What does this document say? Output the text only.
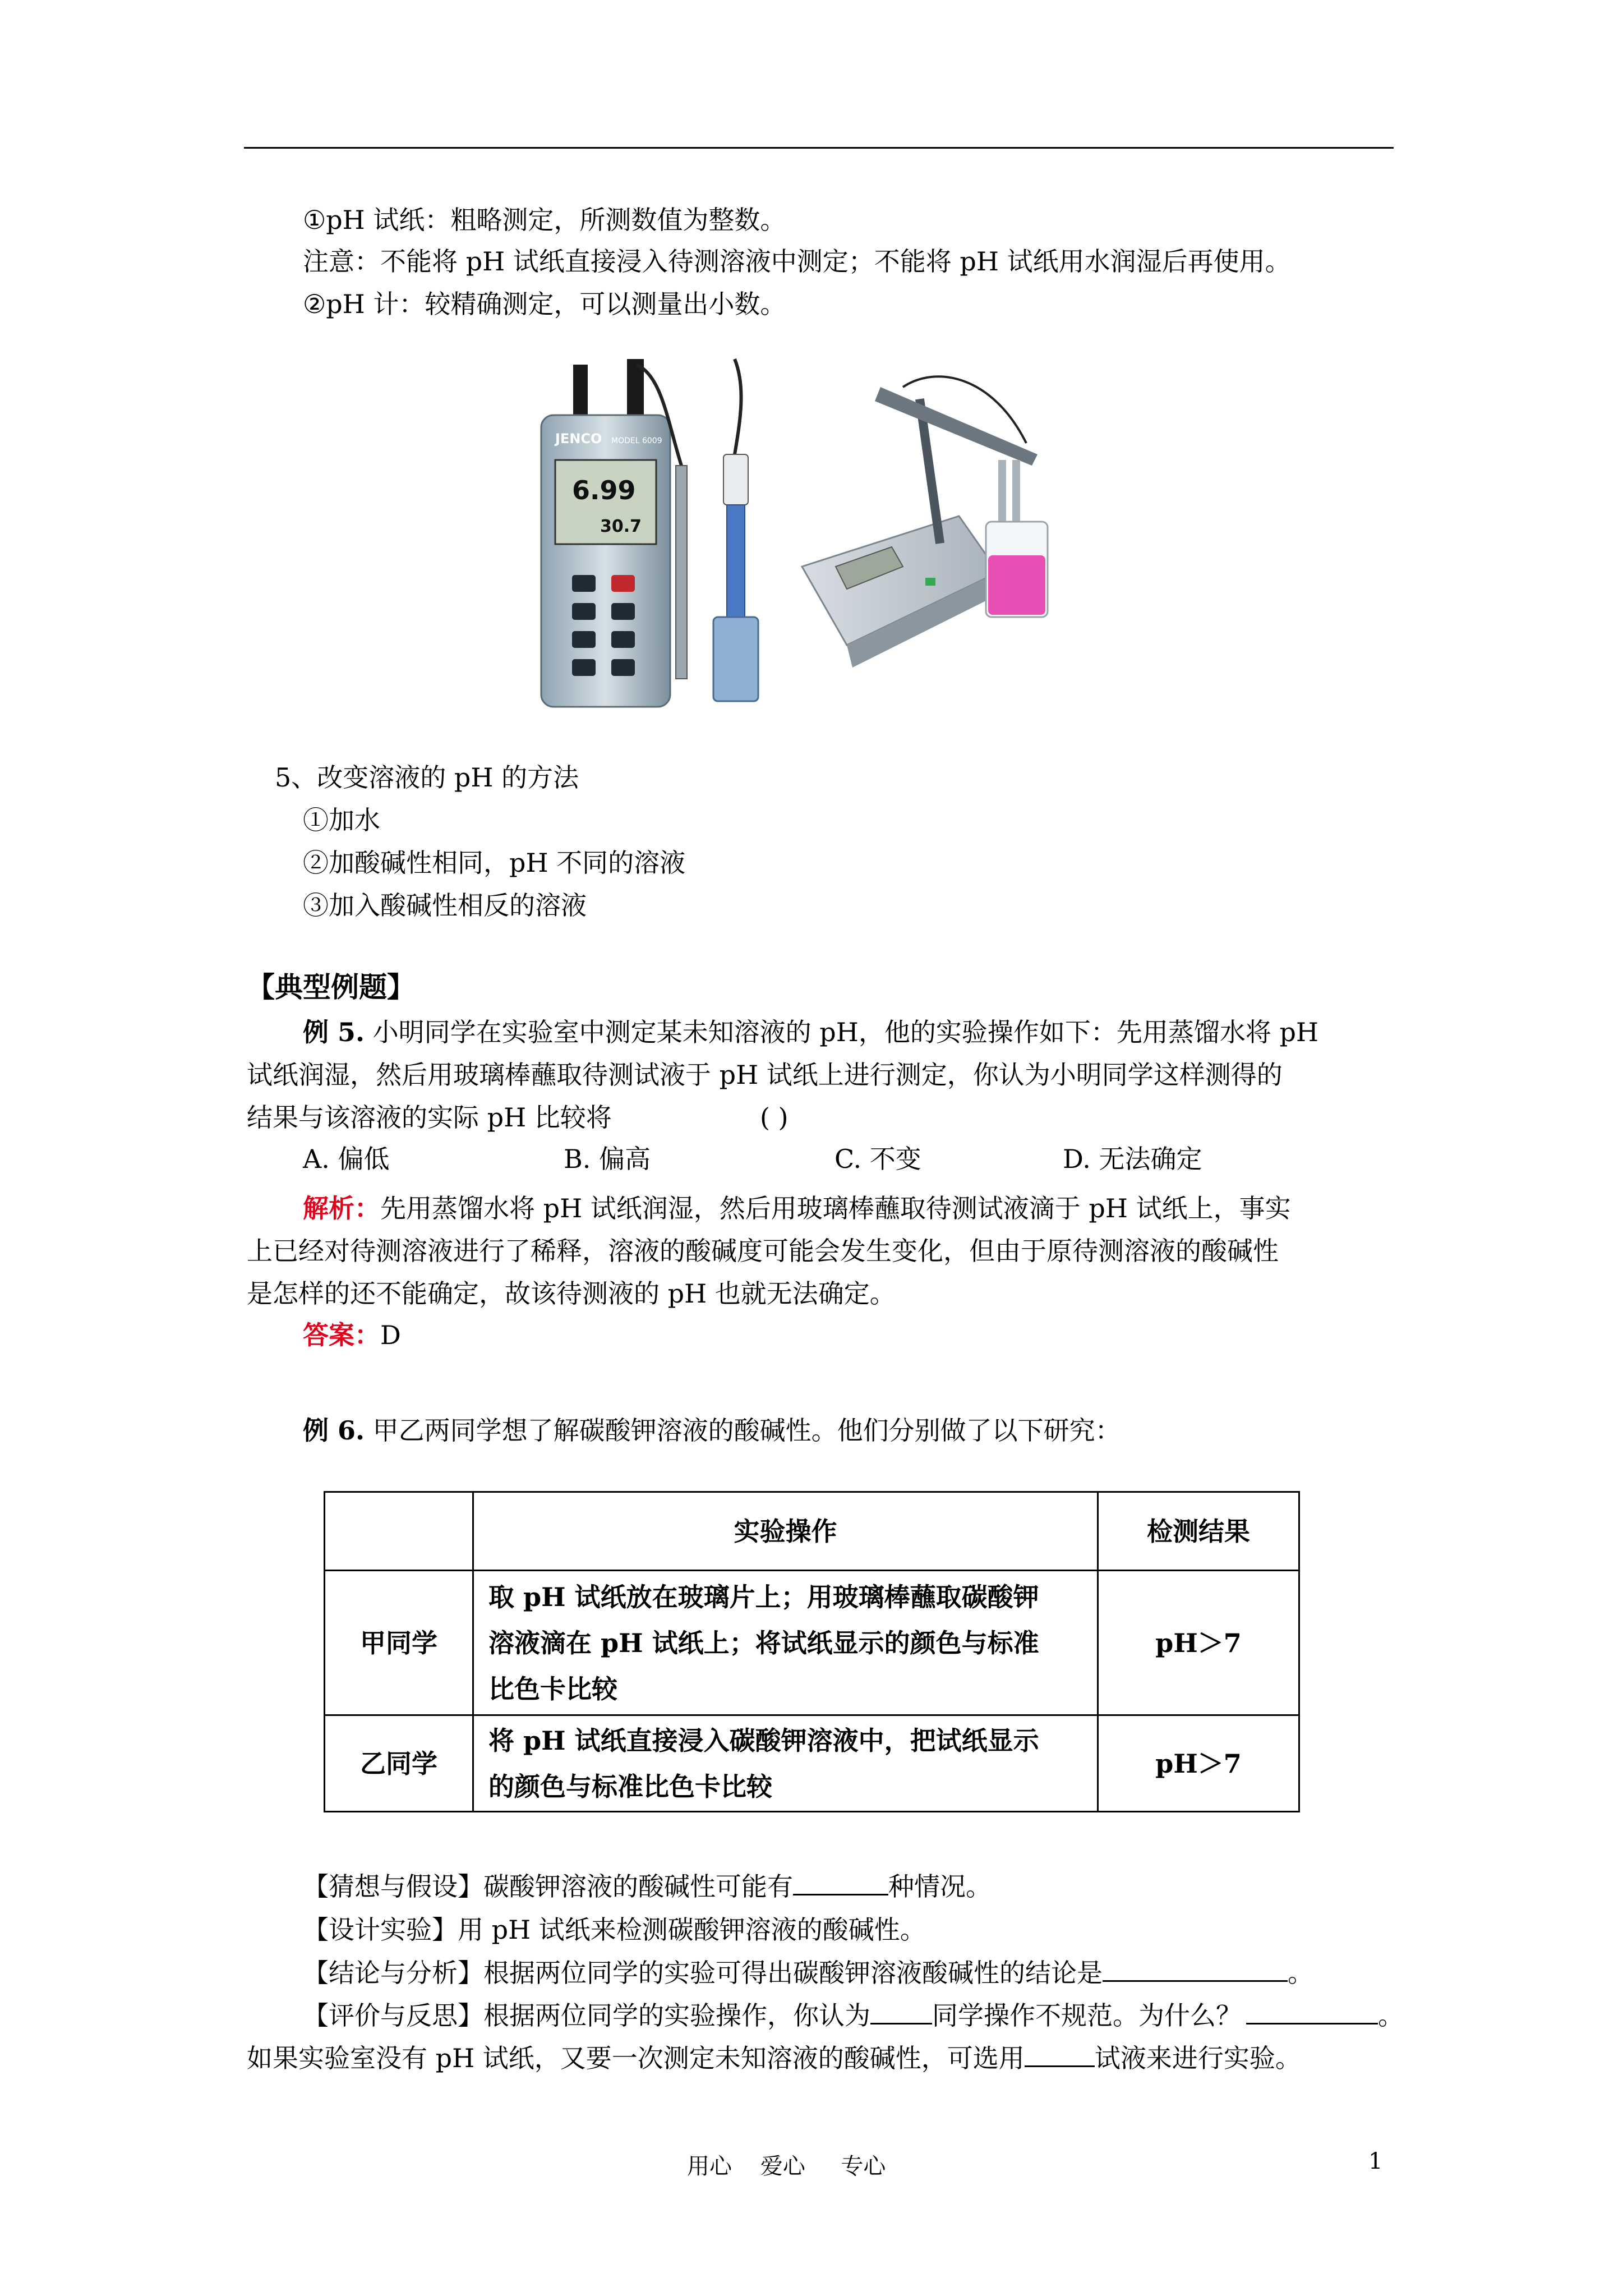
①pH 试纸：粗略测定，所测数值为整数。
注意：不能将 pH 试纸直接浸入待测溶液中测定；不能将 pH 试纸用水润湿后再使用。
②pH 计：较精确测定，可以测量出小数。
JENCO MODEL 6009
6.99
30.7
5、改变溶液的 pH 的方法
①加水
②加酸碱性相同，pH 不同的溶液
③加入酸碱性相反的溶液
【典型例题】
例 5. 小明同学在实验室中测定某未知溶液的 pH，他的实验操作如下：先用蒸馏水将 pH
试纸润湿，然后用玻璃棒蘸取待测试液于 pH 试纸上进行测定，你认为小明同学这样测得的
结果与该溶液的实际 pH 比较将	( )
A. 偏低	B. 偏高	C. 不变	D. 无法确定
解析：先用蒸馏水将 pH 试纸润湿，然后用玻璃棒蘸取待测试液滴于 pH 试纸上，事实
上已经对待测溶液进行了稀释，溶液的酸碱度可能会发生变化，但由于原待测溶液的酸碱性
是怎样的还不能确定，故该待测液的 pH 也就无法确定。
答案：D
例 6. 甲乙两同学想了解碳酸钾溶液的酸碱性。他们分别做了以下研究：
	实验操作	检测结果
甲同学	取 pH 试纸放在玻璃片上；用玻璃棒蘸取碳酸钾
溶液滴在 pH 试纸上；将试纸显示的颜色与标准
比色卡比较	pH＞7
乙同学	将 pH 试纸直接浸入碳酸钾溶液中，把试纸显示
的颜色与标准比色卡比较	pH＞7
【猜想与假设】碳酸钾溶液的酸碱性可能有	种情况。
【设计实验】用 pH 试纸来检测碳酸钾溶液的酸碱性。
【结论与分析】根据两位同学的实验可得出碳酸钾溶液酸碱性的结论是	。
【评价与反思】根据两位同学的实验操作，你认为 同学操作不规范。为什么？	。
如果实验室没有 pH 试纸，又要一次测定未知溶液的酸碱性，可选用	试液来进行实验。
用心    爱心     专心	1
